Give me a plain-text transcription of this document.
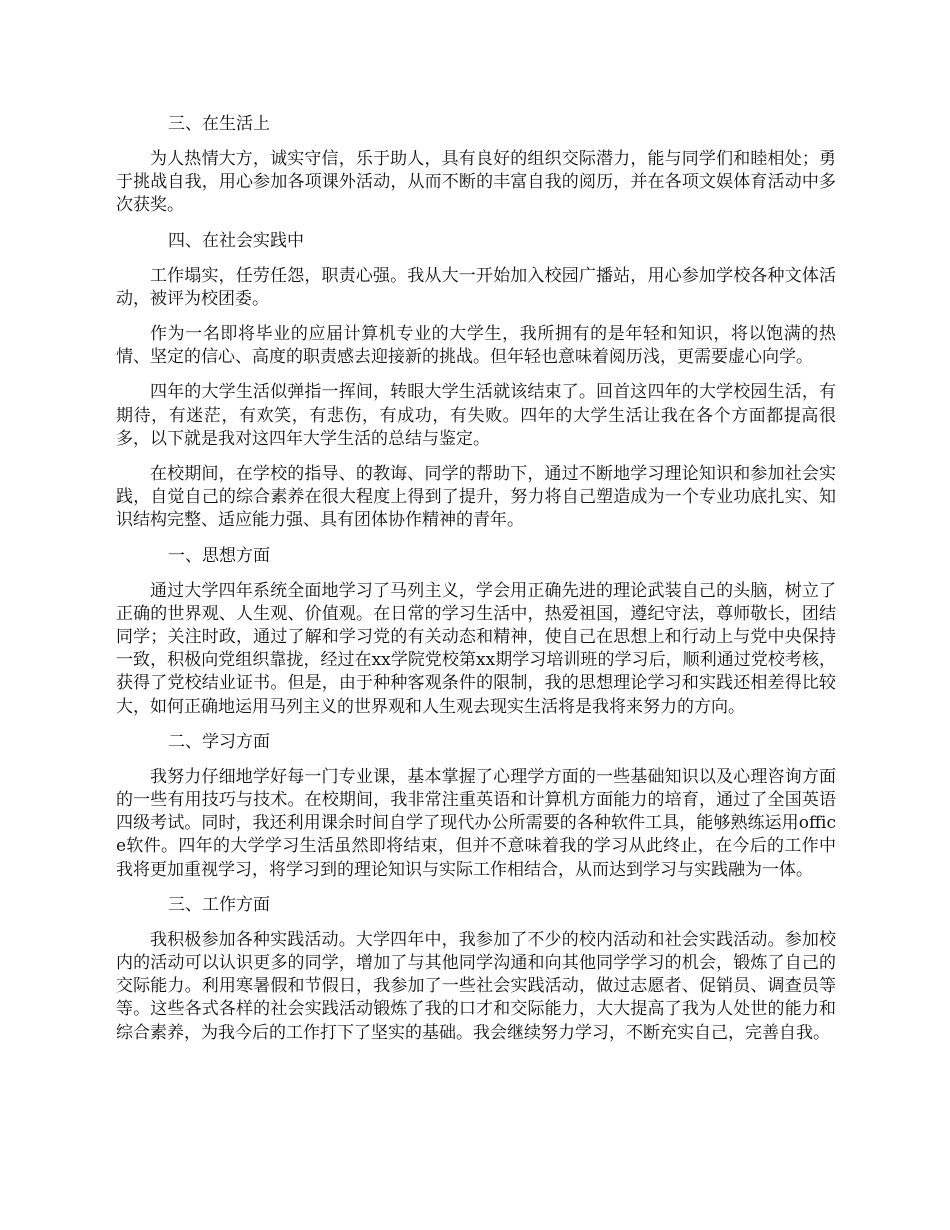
三、在生活上

为人热情大方，诚实守信，乐于助人，具有良好的组织交际潜力，能与同学们和睦相处；勇于挑战自我，用心参加各项课外活动，从而不断的丰富自我的阅历，并在各项文娱体育活动中多次获奖。

四、在社会实践中

工作塌实，任劳任怨，职责心强。我从大一开始加入校园广播站，用心参加学校各种文体活动，被评为校团委。

作为一名即将毕业的应届计算机专业的大学生，我所拥有的是年轻和知识，将以饱满的热情、坚定的信心、高度的职责感去迎接新的挑战。但年轻也意味着阅历浅，更需要虚心向学。

四年的大学生活似弹指一挥间，转眼大学生活就该结束了。回首这四年的大学校园生活，有期待，有迷茫，有欢笑，有悲伤，有成功，有失败。四年的大学生活让我在各个方面都提高很多，以下就是我对这四年大学生活的总结与鉴定。

在校期间，在学校的指导、的教诲、同学的帮助下，通过不断地学习理论知识和参加社会实践，自觉自己的综合素养在很大程度上得到了提升，努力将自己塑造成为一个专业功底扎实、知识结构完整、适应能力强、具有团体协作精神的青年。

一、思想方面

通过大学四年系统全面地学习了马列主义，学会用正确先进的理论武装自己的头脑，树立了正确的世界观、人生观、价值观。在日常的学习生活中，热爱祖国，遵纪守法，尊师敬长，团结同学；关注时政，通过了解和学习党的有关动态和精神，使自己在思想上和行动上与党中央保持一致，积极向党组织靠拢，经过在xx学院党校第xx期学习培训班的学习后，顺利通过党校考核，获得了党校结业证书。但是，由于种种客观条件的限制，我的思想理论学习和实践还相差得比较大，如何正确地运用马列主义的世界观和人生观去现实生活将是我将来努力的方向。

二、学习方面

我努力仔细地学好每一门专业课，基本掌握了心理学方面的一些基础知识以及心理咨询方面的一些有用技巧与技术。在校期间，我非常注重英语和计算机方面能力的培育，通过了全国英语四级考试。同时，我还利用课余时间自学了现代办公所需要的各种软件工具，能够熟练运用office软件。四年的大学学习生活虽然即将结束，但并不意味着我的学习从此终止，在今后的工作中我将更加重视学习，将学习到的理论知识与实际工作相结合，从而达到学习与实践融为一体。

三、工作方面

我积极参加各种实践活动。大学四年中，我参加了不少的校内活动和社会实践活动。参加校内的活动可以认识更多的同学，增加了与其他同学沟通和向其他同学学习的机会，锻炼了自己的交际能力。利用寒暑假和节假日，我参加了一些社会实践活动，做过志愿者、促销员、调查员等等。这些各式各样的社会实践活动锻炼了我的口才和交际能力，大大提高了我为人处世的能力和综合素养，为我今后的工作打下了坚实的基础。我会继续努力学习，不断充实自己，完善自我。
